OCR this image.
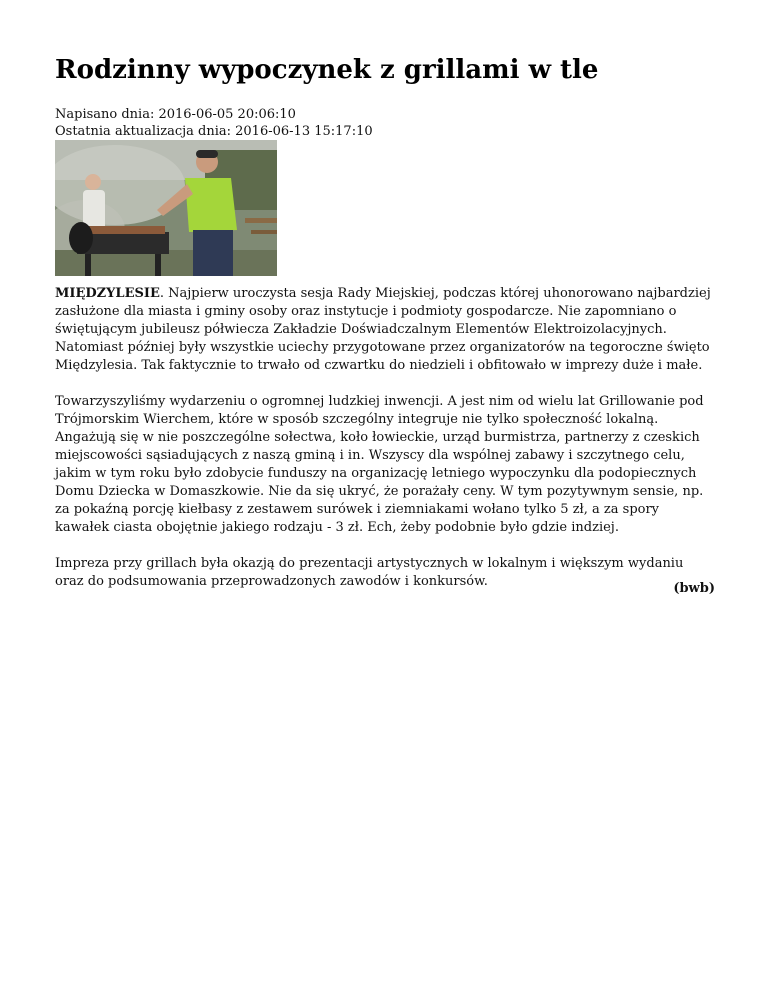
Rodzinny wypoczynek z grillami w tle
Napisano dnia: 2016-06-05 20:06:10
Ostatnia aktualizacja dnia: 2016-06-13 15:17:10

MIĘDZYLESIE. Najpierw uroczysta sesja Rady Miejskiej, podczas której uhonorowano najbardziej zasłużone dla miasta i gminy osoby oraz instytucje i podmioty gospodarcze. Nie zapomniano o świętującym jubileusz półwiecza Zakładzie Doświadczalnym Elementów Elektroizolacyjnych. Natomiast później były wszystkie uciechy przygotowane przez organizatorów na tegoroczne święto Międzylesia. Tak faktycznie to trwało od czwartku do niedzieli i obfitowało w imprezy duże i małe.

Towarzyszyliśmy wydarzeniu o ogromnej ludzkiej inwencji. A jest nim od wielu lat Grillowanie pod Trójmorskim Wierchem, które w sposób szczególny integruje nie tylko społeczność lokalną. Angażują się w nie poszczególne sołectwa, koło łowieckie, urząd burmistrza, partnerzy z czeskich miejscowości sąsiadujących z naszą gminą i in. Wszyscy dla wspólnej zabawy i szczytnego celu, jakim w tym roku było zdobycie funduszy na organizację letniego wypoczynku dla podopiecznych Domu Dziecka w Domaszkowie. Nie da się ukryć, że porażały ceny. W tym pozytywnym sensie, np. za pokaźną porcję kiełbasy z zestawem surówek i ziemniakami wołano tylko 5 zł, a za spory kawałek ciasta obojętnie jakiego rodzaju - 3 zł. Ech, żeby podobnie było gdzie indziej.

Impreza przy grillach była okazją do prezentacji artystycznych w lokalnym i większym wydaniu oraz do podsumowania przeprowadzonych zawodów i konkursów.	(bwb)
